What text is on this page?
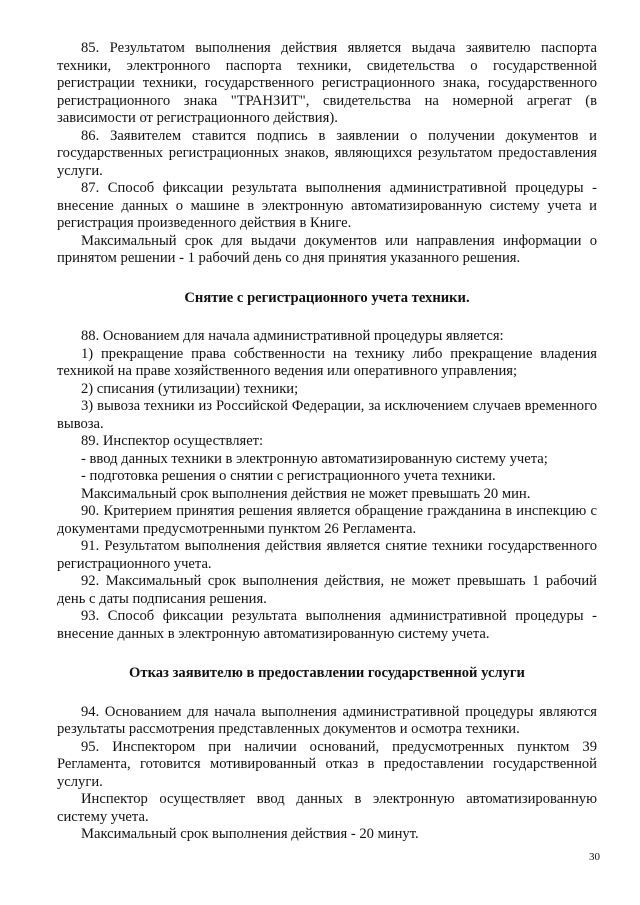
85. Результатом выполнения действия является выдача заявителю паспорта техники, электронного паспорта техники, свидетельства о государственной регистрации техники, государственного регистрационного знака, государственного регистрационного знака "ТРАНЗИТ", свидетельства на номерной агрегат (в зависимости от регистрационного действия).

86. Заявителем ставится подпись в заявлении о получении документов и государственных регистрационных знаков, являющихся результатом предоставления услуги.

87. Способ фиксации результата выполнения административной процедуры - внесение данных о машине в электронную автоматизированную систему учета и регистрация произведенного действия в Книге.

Максимальный срок для выдачи документов или направления информации о принятом решении - 1 рабочий день со дня принятия указанного решения.

Снятие с регистрационного учета техники.

88. Основанием для начала административной процедуры является:

1) прекращение права собственности на технику либо прекращение владения техникой на праве хозяйственного ведения или оперативного управления;

2) списания (утилизации) техники;

3) вывоза техники из Российской Федерации, за исключением случаев временного вывоза.

89. Инспектор осуществляет:

- ввод данных техники в электронную автоматизированную систему учета;

- подготовка решения о снятии с регистрационного учета техники.

Максимальный срок выполнения действия не может превышать 20 мин.

90. Критерием принятия решения является обращение гражданина в инспекцию с документами предусмотренными пунктом 26 Регламента.

91. Результатом выполнения действия является снятие техники государственного регистрационного учета.

92. Максимальный срок выполнения действия, не может превышать 1 рабочий день с даты подписания решения.

93. Способ фиксации результата выполнения административной процедуры - внесение данных в электронную автоматизированную систему учета.

Отказ заявителю в предоставлении государственной услуги

94. Основанием для начала выполнения административной процедуры являются результаты рассмотрения представленных документов и осмотра техники.

95. Инспектором при наличии оснований, предусмотренных пунктом 39 Регламента, готовится мотивированный отказ в предоставлении государственной услуги.

Инспектор осуществляет ввод данных в электронную автоматизированную систему учета.

Максимальный срок выполнения действия - 20 минут.

30
